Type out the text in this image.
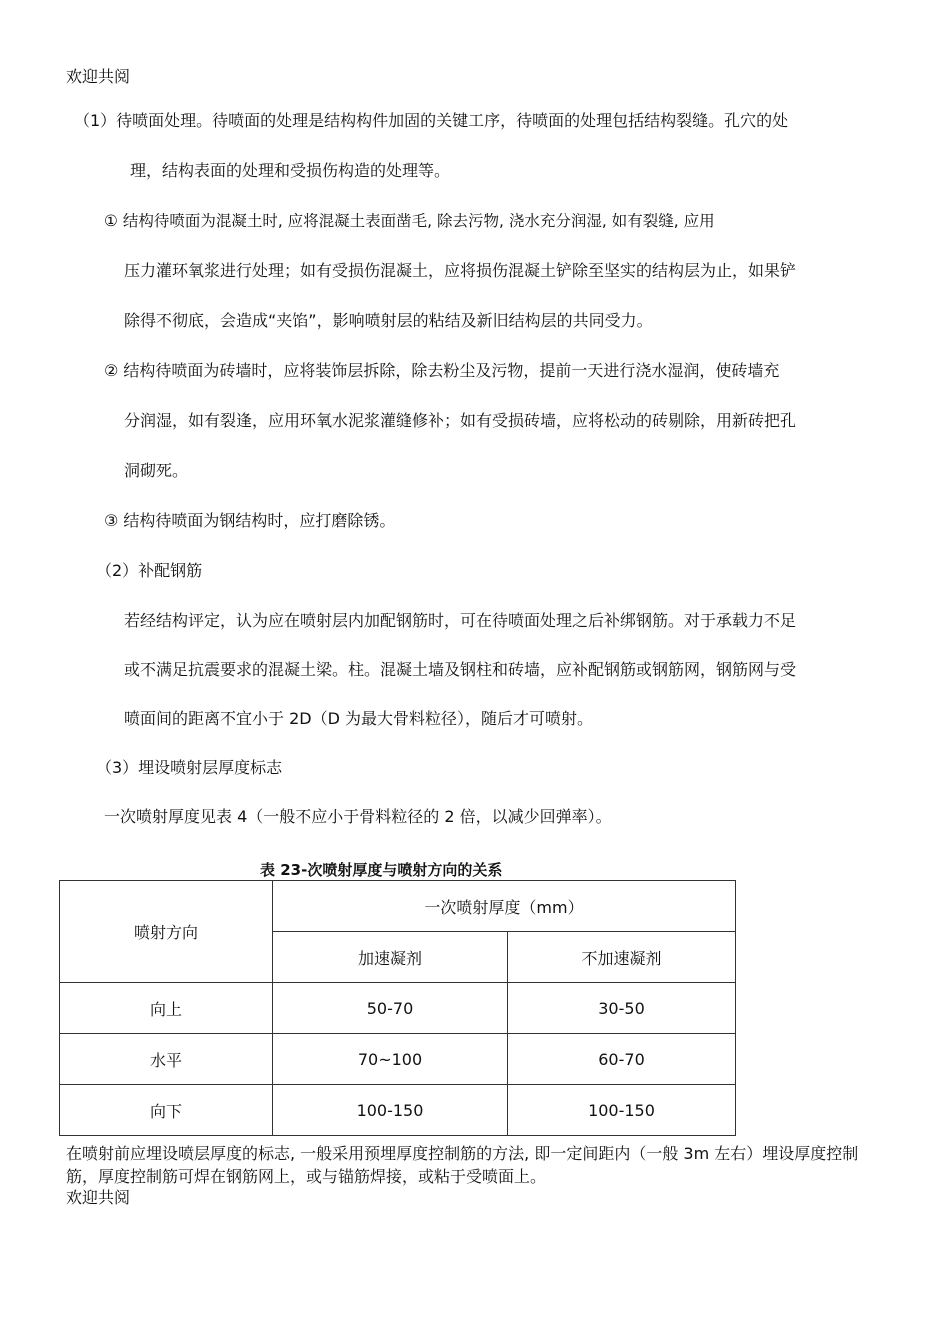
欢迎共阅
（1）待喷面处理。待喷面的处理是结构构件加固的关键工序，待喷面的处理包括结构裂缝。孔穴的处
理，结构表面的处理和受损伤构造的处理等。
① 结构待喷面为混凝土时, 应将混凝土表面凿毛, 除去污物, 浇水充分润湿, 如有裂缝, 应用
压力灌环氧浆进行处理；如有受损伤混凝土，应将损伤混凝土铲除至坚实的结构层为止，如果铲
除得不彻底，会造成“夹馅”，影响喷射层的粘结及新旧结构层的共同受力。
② 结构待喷面为砖墙时，应将装饰层拆除，除去粉尘及污物，提前一天进行浇水湿润，使砖墙充
分润湿，如有裂逢，应用环氧水泥浆灌缝修补；如有受损砖墙，应将松动的砖剔除，用新砖把孔
洞砌死。
③ 结构待喷面为钢结构时，应打磨除锈。
（2）补配钢筋
若经结构评定，认为应在喷射层内加配钢筋时，可在待喷面处理之后补绑钢筋。对于承载力不足
或不满足抗震要求的混凝土梁。柱。混凝土墙及钢柱和砖墙，应补配钢筋或钢筋网，钢筋网与受
喷面间的距离不宜小于 2D（D 为最大骨料粒径），随后才可喷射。
（3）埋设喷射层厚度标志
一次喷射厚度见表 4（一般不应小于骨料粒径的 2 倍，以减少回弹率）。
表 23-次喷射厚度与喷射方向的关系
喷射方向	一次喷射厚度（mm）	
	加速凝剂	不加速凝剂
向上	50-70	30-50
水平	70~100	60-70
向下	100-150	100-150
在喷射前应埋设喷层厚度的标志, 一般采用预埋厚度控制筋的方法, 即一定间距内（一般 3m 左右）埋设厚度控制筋，厚度控制筋可焊在钢筋网上，或与锚筋焊接，或粘于受喷面上。
欢迎共阅
